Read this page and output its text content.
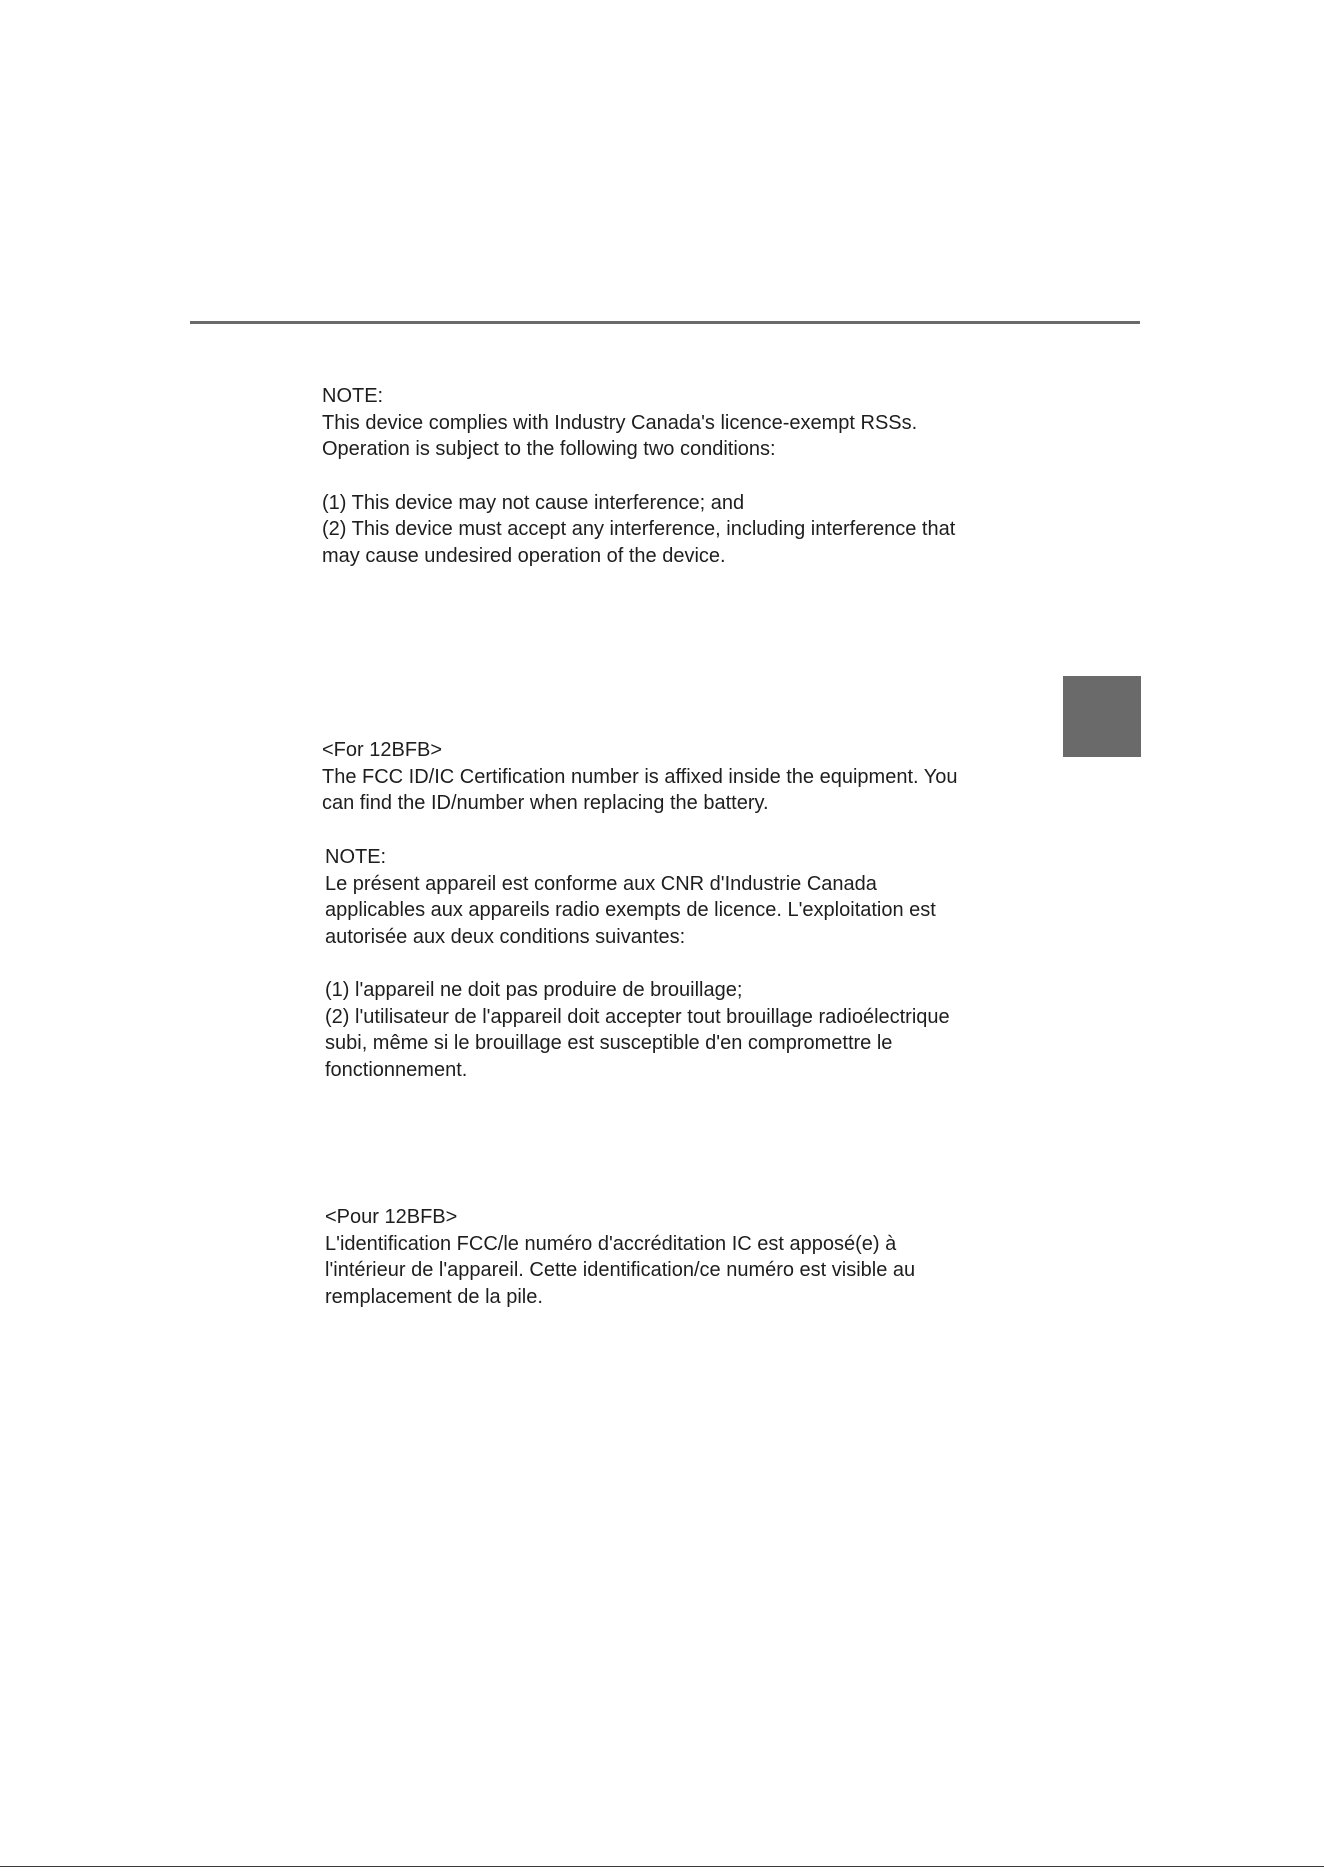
NOTE:

This device complies with Industry Canada's licence-exempt RSSs.

Operation is subject to the following two conditions:

(1) This device may not cause interference; and

(2) This device must accept any interference, including interference that

may cause undesired operation of the device.

<For 12BFB>

The FCC ID/IC Certification number is affixed inside the equipment. You

can find the ID/number when replacing the battery.

NOTE:

Le présent appareil est conforme aux CNR d'Industrie Canada

applicables aux appareils radio exempts de licence. L'exploitation est

autorisée aux deux conditions suivantes:

(1) l'appareil ne doit pas produire de brouillage;

(2) l'utilisateur de l'appareil doit accepter tout brouillage radioélectrique

subi, même si le brouillage est susceptible d'en compromettre le

fonctionnement.

<Pour 12BFB>

L'identification FCC/le numéro d'accréditation IC est apposé(e) à

l'intérieur de l'appareil. Cette identification/ce numéro est visible au

remplacement de la pile.
